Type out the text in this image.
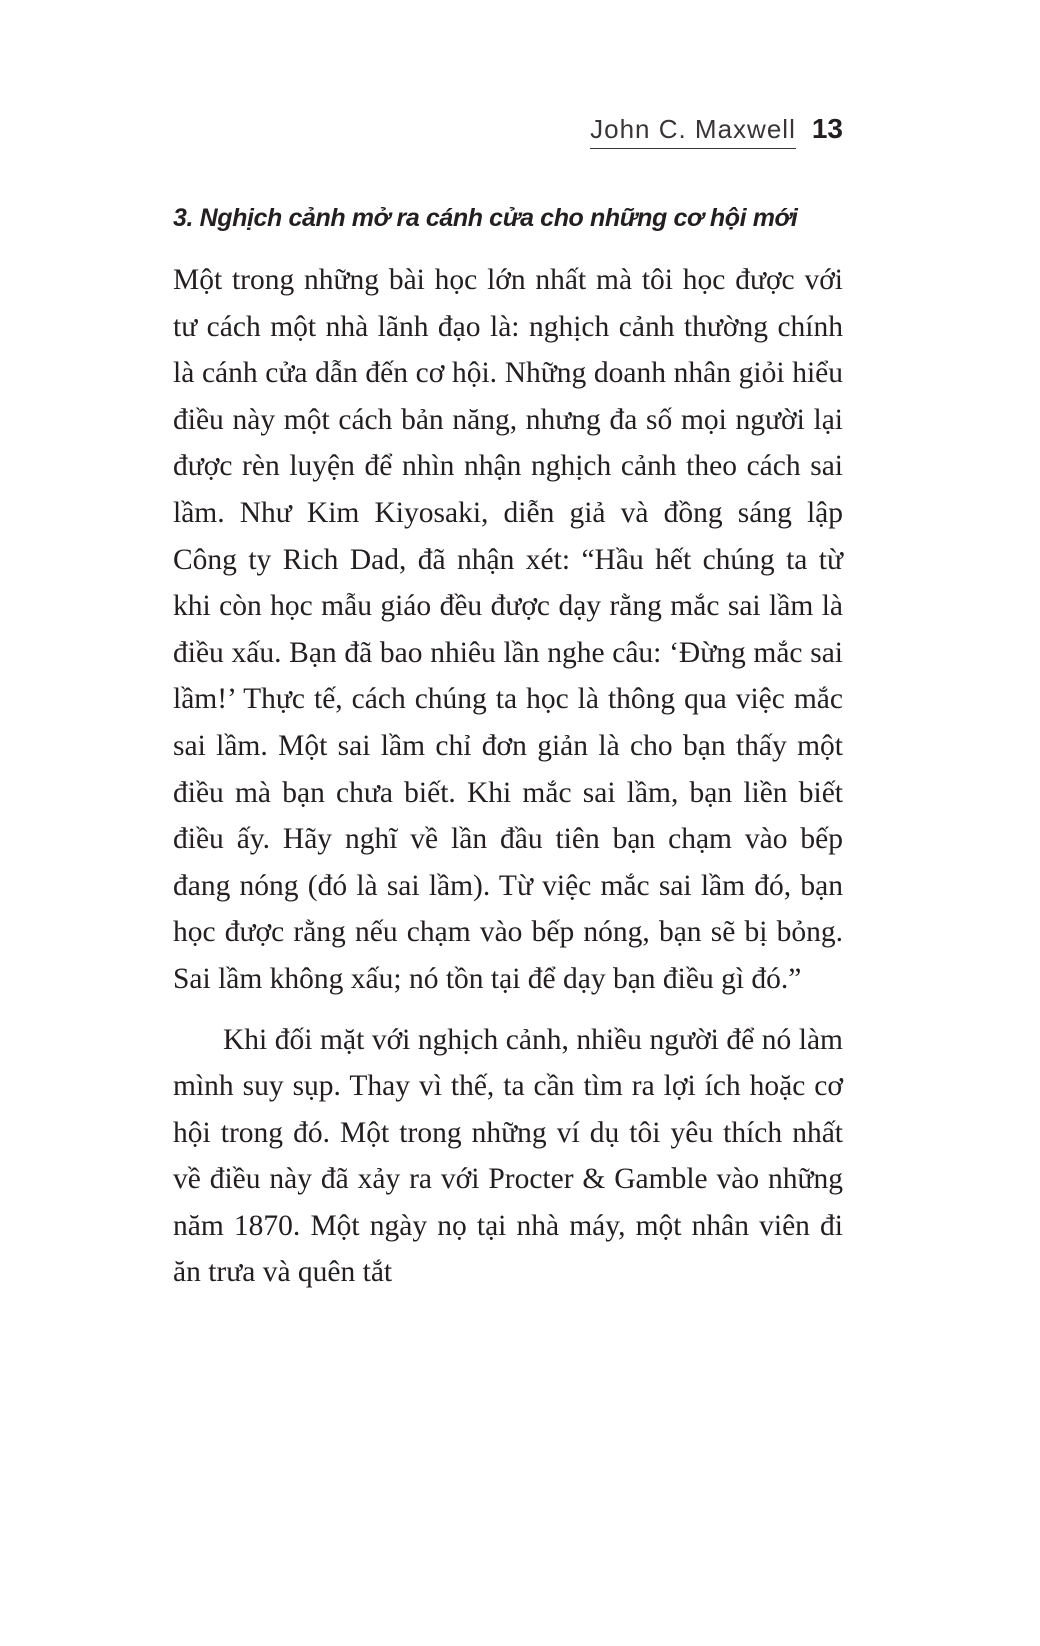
John C. Maxwell 13
3. Nghịch cảnh mở ra cánh cửa cho những cơ hội mới

Một trong những bài học lớn nhất mà tôi học được với tư cách một nhà lãnh đạo là: nghịch cảnh thường chính là cánh cửa dẫn đến cơ hội. Những doanh nhân giỏi hiểu điều này một cách bản năng, nhưng đa số mọi người lại được rèn luyện để nhìn nhận nghịch cảnh theo cách sai lầm. Như Kim Kiyosaki, diễn giả và đồng sáng lập Công ty Rich Dad, đã nhận xét: “Hầu hết chúng ta từ khi còn học mẫu giáo đều được dạy rằng mắc sai lầm là điều xấu. Bạn đã bao nhiêu lần nghe câu: ‘Đừng mắc sai lầm!’ Thực tế, cách chúng ta học là thông qua việc mắc sai lầm. Một sai lầm chỉ đơn giản là cho bạn thấy một điều mà bạn chưa biết. Khi mắc sai lầm, bạn liền biết điều ấy. Hãy nghĩ về lần đầu tiên bạn chạm vào bếp đang nóng (đó là sai lầm). Từ việc mắc sai lầm đó, bạn học được rằng nếu chạm vào bếp nóng, bạn sẽ bị bỏng. Sai lầm không xấu; nó tồn tại để dạy bạn điều gì đó.”

Khi đối mặt với nghịch cảnh, nhiều người để nó làm mình suy sụp. Thay vì thế, ta cần tìm ra lợi ích hoặc cơ hội trong đó. Một trong những ví dụ tôi yêu thích nhất về điều này đã xảy ra với Procter & Gamble vào những năm 1870. Một ngày nọ tại nhà máy, một nhân viên đi ăn trưa và quên tắt
